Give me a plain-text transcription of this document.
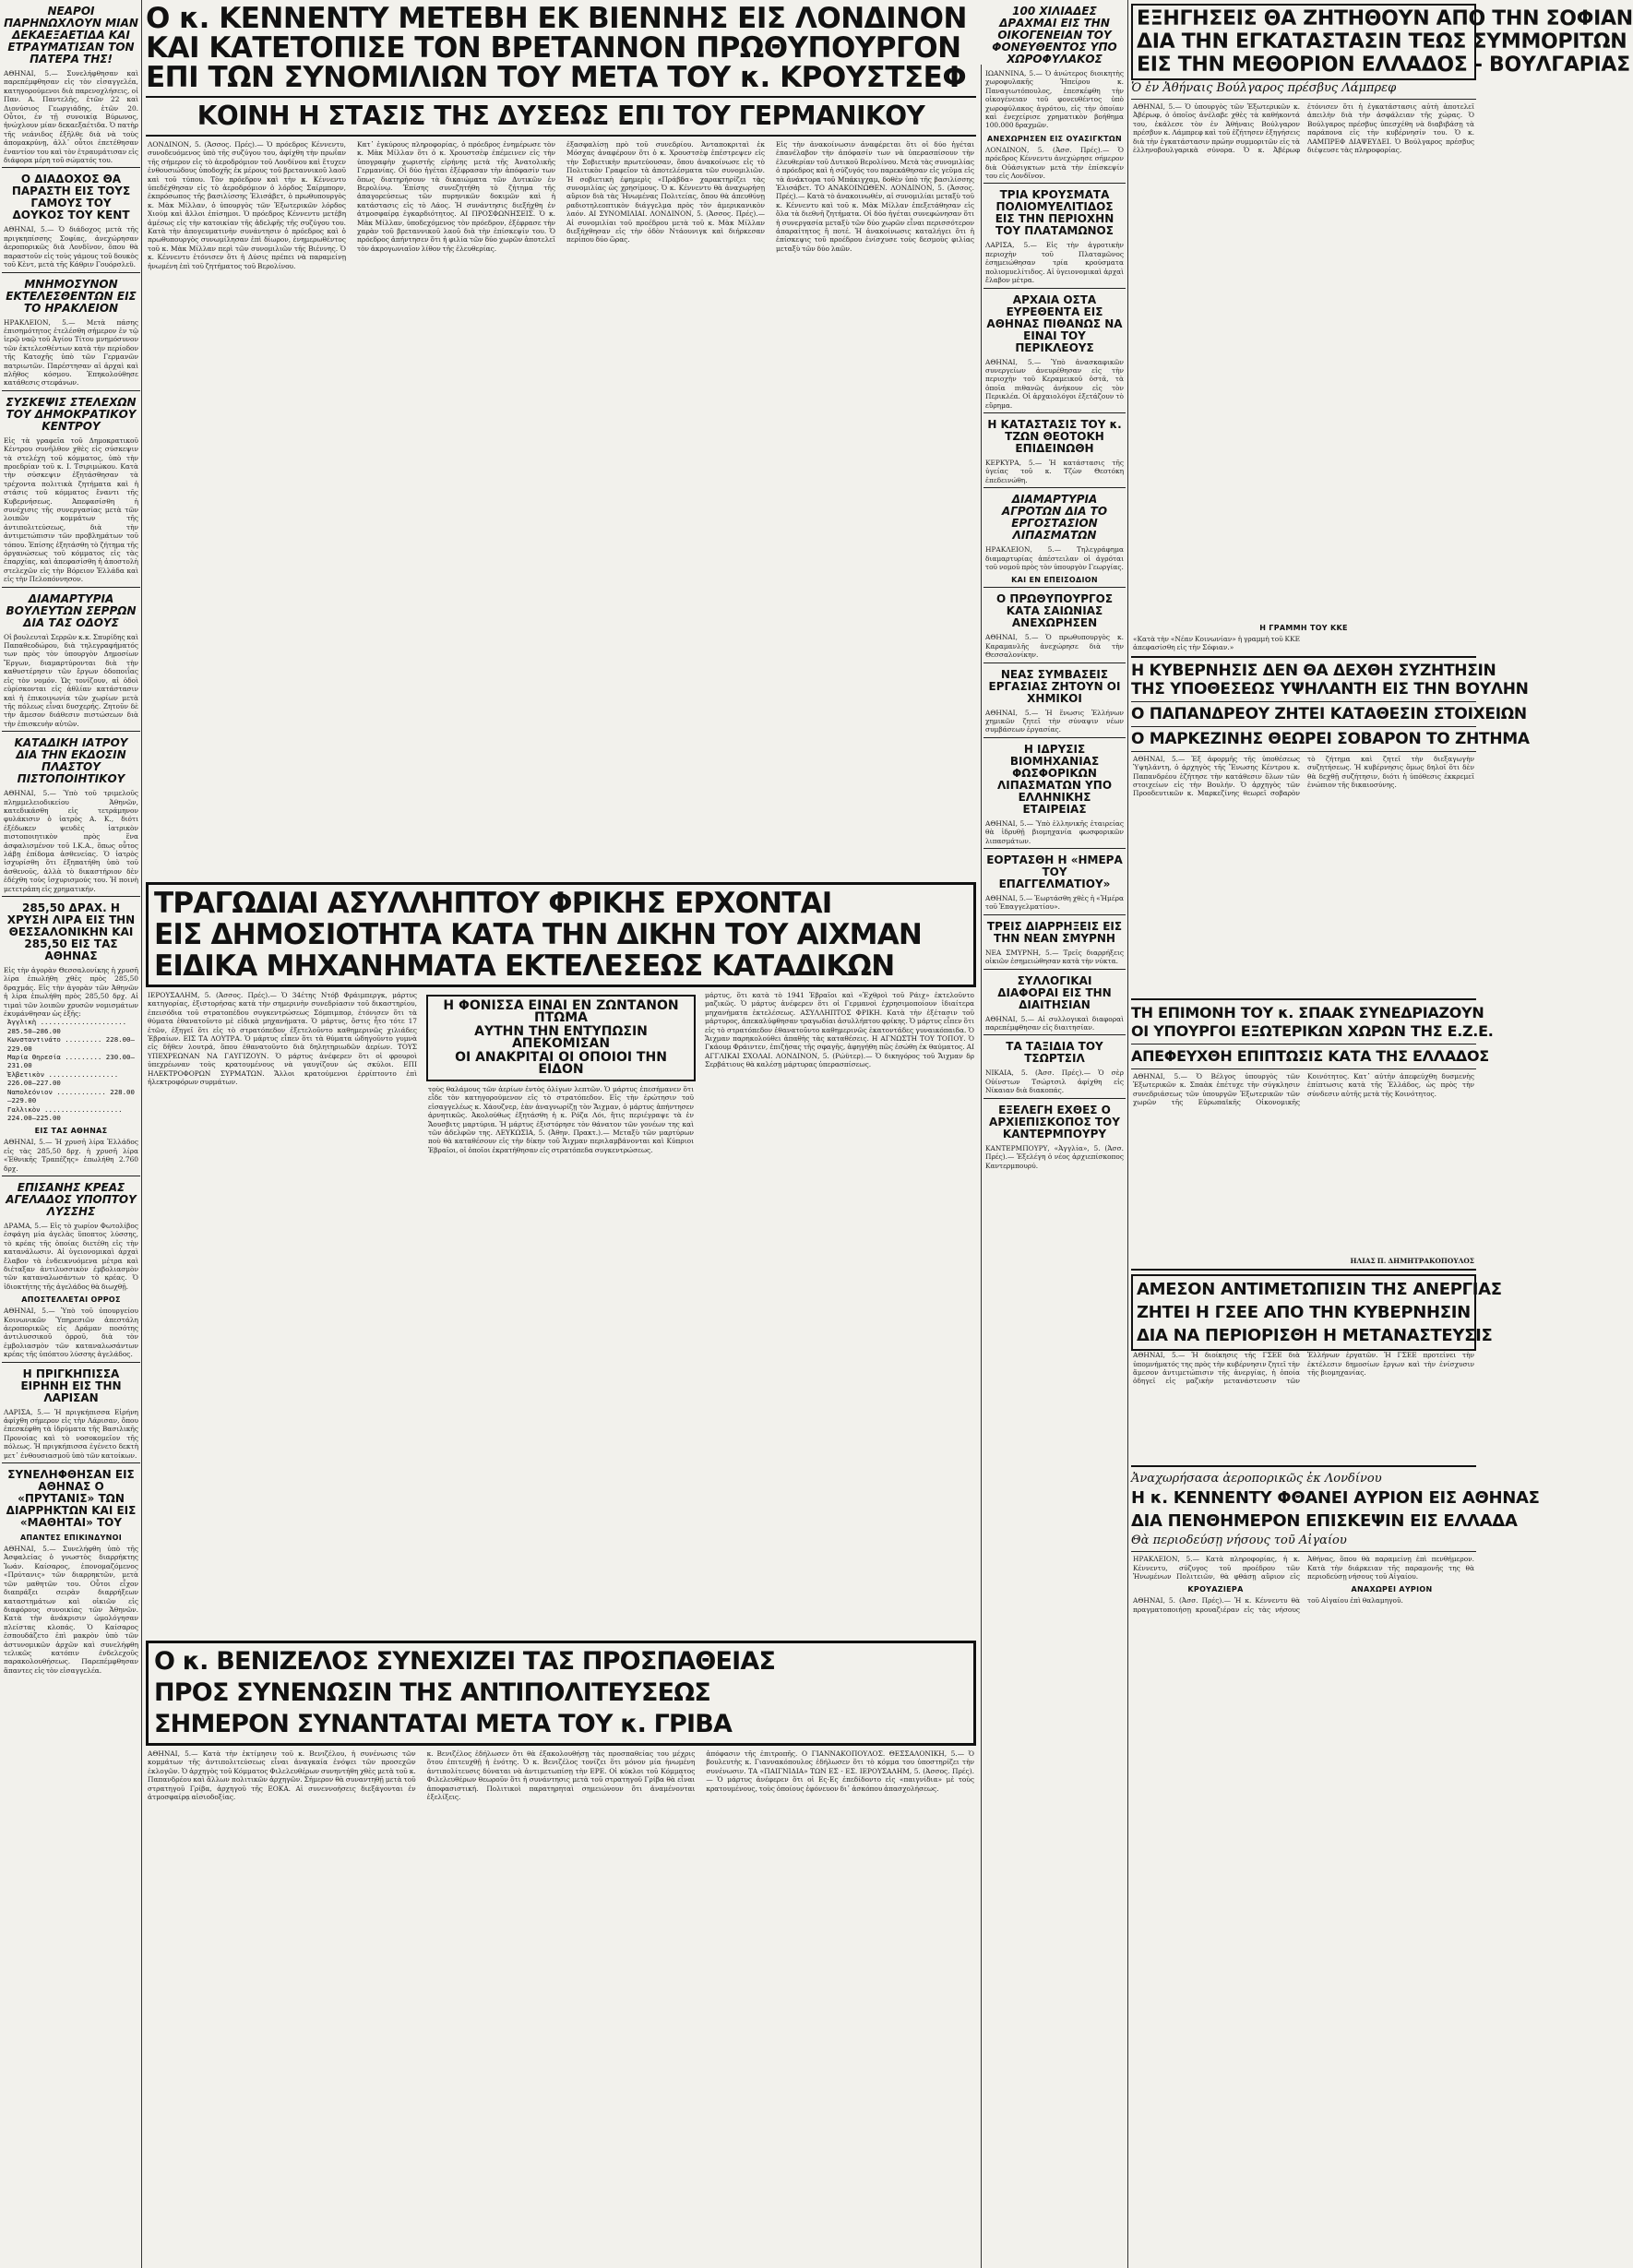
ΝΕΑΡΟΙ ΠΑΡΗΝΩΧΛΟΥΝ ΜΙΑΝ ΔΕΚΑΕΞΑΕΤΙΔΑ ΚΑΙ ΕΤΡΑΥΜΑΤΙΣΑΝ ΤΟΝ ΠΑΤΕΡΑ ΤΗΣ!
ΑΘΗΝΑΙ, 5.— Συνελήφθησαν καὶ παρεπέμφθησαν εἰς τὸν εἰσαγγελέα, κατηγορούμενοι διὰ παρενοχλήσεις, οἱ Παν. Α. Παντελῆς, ἐτῶν 22 καὶ Διονύσιος Γεωργιάδης, ἐτῶν 20. Οὗτοι, ἐν τῇ συνοικίᾳ Βύρωνος, ἠνώχλουν μίαν δεκαεξαέτιδα. Ὁ πατὴρ τῆς νεάνιδος ἐξῆλθε διὰ νὰ τοὺς ἀπομακρύνῃ, ἀλλ᾽ οὗτοι ἐπετέθησαν ἐναντίον του καὶ τὸν ἐτραυμάτισαν εἰς διάφορα μέρη τοῦ σώματός του.
Ο ΔΙΑΔΟΧΟΣ ΘΑ ΠΑΡΑΣΤΗ ΕΙΣ ΤΟΥΣ ΓΑΜΟΥΣ ΤΟΥ ΔΟΥΚΟΣ ΤΟΥ ΚΕΝΤ
ΑΘΗΝΑΙ, 5.— Ὁ διάδοχος μετὰ τῆς πριγκηπίσσης Σοφίας, ἀνεχώρησαν ἀεροπορικῶς διὰ Λονδῖνον, ὅπου θὰ παραστοῦν εἰς τοὺς γάμους τοῦ δουκὸς τοῦ Κὲντ, μετὰ τῆς Κάθριν Γουόρσλεϋ.
ΜΝΗΜΟΣΥΝΟΝ ΕΚΤΕΛΕΣΘΕΝΤΩΝ ΕΙΣ ΤΟ ΗΡΑΚΛΕΙΟΝ
ΗΡΑΚΛΕΙΟΝ, 5.— Μετὰ πάσης ἐπισημότητος ἐτελέσθη σήμερον ἐν τῷ ἱερῷ ναῷ τοῦ Ἁγίου Τίτου μνημόσυνον τῶν ἐκτελεσθέντων κατὰ τὴν περίοδον τῆς Κατοχῆς ὑπὸ τῶν Γερμανῶν πατριωτῶν. Παρέστησαν αἱ ἀρχαὶ καὶ πλῆθος κόσμου. Ἐπηκολούθησε κατάθεσις στεφάνων.
ΣΥΣΚΕΨΙΣ ΣΤΕΛΕΧΩΝ ΤΟΥ ΔΗΜΟΚΡΑΤΙΚΟΥ ΚΕΝΤΡΟΥ
Εἰς τὰ γραφεῖα τοῦ Δημοκρατικοῦ Κέντρου συνῆλθον χθὲς εἰς σύσκεψιν τὰ στελέχη τοῦ κόμματος, ὑπὸ τὴν προεδρίαν τοῦ κ. Ι. Τσιριμώκου. Κατὰ τὴν σύσκεψιν ἐξητάσθησαν τὰ τρέχοντα πολιτικὰ ζητήματα καὶ ἡ στάσις τοῦ κόμματος ἔναντι τῆς Κυβερνήσεως. Ἀπεφασίσθη ἡ συνέχισις τῆς συνεργασίας μετὰ τῶν λοιπῶν κομμάτων τῆς ἀντιπολιτεύσεως, διὰ τὴν ἀντιμετώπισιν τῶν προβλημάτων τοῦ τόπου. Ἐπίσης ἐξητάσθη τὸ ζήτημα τῆς ὀργανώσεως τοῦ κόμματος εἰς τὰς ἐπαρχίας, καὶ ἀπεφασίσθη ἡ ἀποστολὴ στελεχῶν εἰς τὴν Βόρειον Ἑλλάδα καὶ εἰς τὴν Πελοπόννησον.
ΔΙΑΜΑΡΤΥΡΙΑ ΒΟΥΛΕΥΤΩΝ ΣΕΡΡΩΝ ΔΙΑ ΤΑΣ ΟΔΟΥΣ
Οἱ βουλευταὶ Σερρῶν κ.κ. Σπυρίδης καὶ Παπαθεοδώρου, διὰ τηλεγραφήματός των πρὸς τὸν ὑπουργὸν Δημοσίων Ἔργων, διαμαρτύρονται διὰ τὴν καθυστέρησιν τῶν ἔργων ὁδοποιΐας εἰς τὸν νομόν. Ὡς τονίζουν, αἱ ὁδοὶ εὑρίσκονται εἰς ἀθλίαν κατάστασιν καὶ ἡ ἐπικοινωνία τῶν χωρίων μετὰ τῆς πόλεως εἶναι δυσχερής. Ζητοῦν δὲ τὴν ἄμεσον διάθεσιν πιστώσεων διὰ τὴν ἐπισκευὴν αὐτῶν.
ΚΑΤΑΔΙΚΗ ΙΑΤΡΟΥ ΔΙΑ ΤΗΝ ΕΚΔΟΣΙΝ ΠΛΑΣΤΟΥ ΠΙΣΤΟΠΟΙΗΤΙΚΟΥ
ΑΘΗΝΑΙ, 5.— Ὑπὸ τοῦ τριμελοῦς πλημμελειοδικείου Ἀθηνῶν, κατεδικάσθη εἰς τετράμηνον φυλάκισιν ὁ ἰατρὸς Α. Κ., διότι ἐξέδωκεν ψευδὲς ἰατρικὸν πιστοποιητικὸν πρὸς ἕνα ἀσφαλισμένον τοῦ Ι.Κ.Α., ὅπως οὗτος λάβῃ ἐπίδομα ἀσθενείας. Ὁ ἰατρὸς ἰσχυρίσθη ὅτι ἐξηπατήθη ὑπὸ τοῦ ἀσθενοῦς, ἀλλὰ τὸ δικαστήριον δὲν ἐδέχθη τοὺς ἰσχυρισμούς του. Ἡ ποινὴ μετετράπη εἰς χρηματικήν.
285,50 ΔΡΑΧ. Η ΧΡΥΣΗ ΛΙΡΑ ΕΙΣ ΤΗΝ ΘΕΣΣΑΛΟΝΙΚΗΝ ΚΑΙ 285,50 ΕΙΣ ΤΑΣ ΑΘΗΝΑΣ
Εἰς τὴν ἀγορὰν Θεσσαλονίκης ἡ χρυσῆ λίρα ἐπωλήθη χθὲς πρὸς 285,50 δραχμάς. Εἰς τὴν ἀγορὰν τῶν Ἀθηνῶν ἡ λίρα ἐπωλήθη πρὸς 285,50 δρχ. Αἱ τιμαὶ τῶν λοιπῶν χρυσῶν νομισμάτων ἐκυμάνθησαν ὡς ἑξῆς:
Ἀγγλικὴ ..................... 285.50—286.00
Κωνσταντινάτο ......... 228.00—229.00
Μαρία Θηρεσία ......... 230.00—231.00
Ἑλβετικὸν ................. 226.00—227.00
Ναπολεόνιον ............ 228.00—229.00
Γαλλικὸν ................... 224.00—225.00
ΕΙΣ ΤΑΣ ΑΘΗΝΑΣ
ΑΘΗΝΑΙ, 5.— Ἡ χρυσῆ λίρα Ἐλλάδος εἰς τὰς 285,50 δρχ. ἡ χρυσῆ λίρα «Ἐθνικῆς Τραπέζης» ἐπωλήθη 2.760 δρχ.
ΕΠΙΣΑΝΗΣ ΚΡΕΑΣ ΑΓΕΛΑΔΟΣ ΥΠΟΠΤΟΥ ΛΥΣΣΗΣ
ΔΡΑΜΑ, 5.— Εἰς τὸ χωρίον Φωτολίβος ἐσφάγη μία ἀγελὰς ὕποπτος λύσσης, τὸ κρέας τῆς ὁποίας διετέθη εἰς τὴν κατανάλωσιν. Αἱ ὑγειονομικαὶ ἀρχαὶ ἔλαβον τὰ ἐνδεικνυόμενα μέτρα καὶ διέταξαν ἀντιλυσσικὸν ἐμβολιασμὸν τῶν καταναλωσάντων τὸ κρέας. Ὁ ἰδιοκτήτης τῆς ἀγελάδος θὰ διωχθῇ.
ΑΠΟΣΤΕΛΛΕΤΑΙ ΟΡΡΟΣ
ΑΘΗΝΑΙ, 5.— Ὑπὸ τοῦ ὑπουργείου Κοινωνικῶν Ὑπηρεσιῶν ἀπεστάλη ἀεροπορικῶς εἰς Δράμαν ποσότης ἀντιλυσσικοῦ ὀρροῦ, διὰ τὸν ἐμβολιασμὸν τῶν καταναλωσάντων κρέας τῆς ὑπόπτου λύσσης ἀγελάδος.
Η ΠΡΙΓΚΗΠΙΣΣΑ ΕΙΡΗΝΗ ΕΙΣ ΤΗΝ ΛΑΡΙΣΑΝ
ΛΑΡΙΣΑ, 5.— Ἡ πριγκήπισσα Εἰρήνη ἀφίχθη σήμερον εἰς τὴν Λάρισαν, ὅπου ἐπεσκέφθη τὰ ἱδρύματα τῆς Βασιλικῆς Προνοίας καὶ τὸ νοσοκομεῖον τῆς πόλεως. Ἡ πριγκήπισσα ἐγένετο δεκτὴ μετ᾽ ἐνθουσιασμοῦ ὑπὸ τῶν κατοίκων.
ΣΥΝΕΛΗΦΘΗΣΑΝ ΕΙΣ ΑΘΗΝΑΣ Ο «ΠΡΥΤΑΝΙΣ» ΤΩΝ ΔΙΑΡΡΗΚΤΩΝ ΚΑΙ ΕΙΣ «ΜΑΘΗΤΑΙ» ΤΟΥ
ΑΠΑΝΤΕΣ ΕΠΙΚΙΝΔΥΝΟΙ
ΑΘΗΝΑΙ, 5.— Συνελήφθη ὑπὸ τῆς Ἀσφαλείας ὁ γνωστὸς διαρρήκτης Ἰωάν. Καίσαρος, ἐπονομαζόμενος «Πρύτανις» τῶν διαρρηκτῶν, μετὰ τῶν μαθητῶν του. Οὗτοι εἶχον διαπράξει σειρὰν διαρρήξεων καταστημάτων καὶ οἰκιῶν εἰς διαφόρους συνοικίας τῶν Ἀθηνῶν. Κατὰ τὴν ἀνάκρισιν ὡμολόγησαν πλείστας κλοπάς. Ὁ Καίσαρος ἐσπουδάζετο ἐπὶ μακρὸν ὑπὸ τῶν ἀστυνομικῶν ἀρχῶν καὶ συνελήφθη τελικῶς κατόπιν ἐνδελεχοῦς παρακολουθήσεως. Παρεπέμφθησαν ἅπαντες εἰς τὸν εἰσαγγελέα.
Ο κ. ΚΕΝΝΕΝΤΥ ΜΕΤΕΒΗ ΕΚ ΒΙΕΝΝΗΣ ΕΙΣ ΛΟΝΔΙΝΟΝ
ΚΑΙ ΚΑΤΕΤΟΠΙΣΕ ΤΟΝ ΒΡΕΤΑΝΝΟΝ ΠΡΩΘΥΠΟΥΡΓΟΝ
ΕΠΙ ΤΩΝ ΣΥΝΟΜΙΛΙΩΝ ΤΟΥ ΜΕΤΑ ΤΟΥ κ. ΚΡΟΥΣΤΣΕΦ
ΚΟΙΝΗ Η ΣΤΑΣΙΣ ΤΗΣ ΔΥΣΕΩΣ ΕΠΙ ΤΟΥ ΓΕΡΜΑΝΙΚΟΥ
ΛΟΝΔΙΝΟΝ, 5. (Ἀσσος. Πρές).— Ὁ πρόεδρος Κέννεντυ, συνοδευόμενος ὑπὸ τῆς συζύγου του, ἀφίχθη τὴν πρωΐαν τῆς σήμερον εἰς τὸ ἀεροδρόμιον τοῦ Λονδίνου καὶ ἔτυχεν ἐνθουσιώδους ὑποδοχῆς ἐκ μέρους τοῦ βρεταννικοῦ λαοῦ καὶ τοῦ τύπου. Τὸν πρόεδρον καὶ τὴν κ. Κέννεντυ ὑπεδέχθησαν εἰς τὸ ἀεροδρόμιον ὁ λόρδος Σαίρμπορν, ἐκπρόσωπος τῆς βασιλίσσης Ἐλισάβετ, ὁ πρωθυπουργὸς κ. Μὰκ Μίλλαν, ὁ ὑπουργὸς τῶν Ἐξωτερικῶν λόρδος Χιούμ καὶ ἄλλοι ἐπίσημοι. Ὁ πρόεδρος Κέννεντυ μετέβη ἀμέσως εἰς τὴν κατοικίαν τῆς ἀδελφῆς τῆς συζύγου του. Κατὰ τὴν ἀπογευματινὴν συνάντησιν ὁ πρόεδρος καὶ ὁ πρωθυπουργὸς συνωμίλησαν ἐπὶ δίωρον, ἐνημερωθέντος τοῦ κ. Μὰκ Μίλλαν περὶ τῶν συνομιλιῶν τῆς Βιέννης. Ὁ κ. Κέννεντυ ἐτόνισεν ὅτι ἡ Δύσις πρέπει νὰ παραμείνῃ ἡνωμένη ἐπὶ τοῦ ζητήματος τοῦ Βερολίνου.
Κατ᾽ ἐγκύρους πληροφορίας, ὁ πρόεδρος ἐνημέρωσε τὸν κ. Μὰκ Μίλλαν ὅτι ὁ κ. Χρουστσὲφ ἐπέμεινεν εἰς τὴν ὑπογραφὴν χωριστῆς εἰρήνης μετὰ τῆς Ἀνατολικῆς Γερμανίας. Οἱ δύο ἡγέται ἐξέφρασαν τὴν ἀπόφασίν των ὅπως διατηρήσουν τὰ δικαιώματα τῶν Δυτικῶν ἐν Βερολίνῳ. Ἐπίσης συνεζητήθη τὸ ζήτημα τῆς ἀπαγορεύσεως τῶν πυρηνικῶν δοκιμῶν καὶ ἡ κατάστασις εἰς τὸ Λάος. Ἡ συνάντησις διεξήχθη ἐν ἀτμοσφαίρᾳ ἐγκαρδιότητος. ΑΙ ΠΡΟΣΦΩΝΗΣΕΙΣ. Ὁ κ. Μὰκ Μίλλαν, ὑποδεχόμενος τὸν πρόεδρον, ἐξέφρασε τὴν χαρὰν τοῦ βρεταννικοῦ λαοῦ διὰ τὴν ἐπίσκεψίν του. Ὁ πρόεδρος ἀπήντησεν ὅτι ἡ φιλία τῶν δύο χωρῶν ἀποτελεῖ τὸν ἀκρογωνιαῖον λίθον τῆς ἐλευθερίας.
ἐξασφαλίσῃ πρὸ τοῦ συνεδρίου. Ἀνταποκριταὶ ἐκ Μόσχας ἀναφέρουν ὅτι ὁ κ. Χρουστσὲφ ἐπέστρεψεν εἰς τὴν Σοβιετικὴν πρωτεύουσαν, ὅπου ἀνακοίνωσε εἰς τὸ Πολιτικὸν Γραφεῖον τὰ ἀποτελέσματα τῶν συνομιλιῶν. Ἡ σοβιετικὴ ἐφημερὶς «Πράβδα» χαρακτηρίζει τὰς συνομιλίας ὡς χρησίμους. Ὁ κ. Κέννεντυ θὰ ἀναχωρήσῃ αὔριον διὰ τὰς Ἡνωμένας Πολιτείας, ὅπου θὰ ἀπευθύνῃ ραδιοτηλεοπτικὸν διάγγελμα πρὸς τὸν ἀμερικανικὸν λαόν. ΑΙ ΣΥΝΟΜΙΛΙΑΙ. ΛΟΝΔΙΝΟΝ, 5. (Ἀσσος. Πρές).— Αἱ συνομιλίαι τοῦ προέδρου μετὰ τοῦ κ. Μὰκ Μίλλαν διεξήχθησαν εἰς τὴν ὁδὸν Ντάουνιγκ καὶ διήρκεσαν περίπου δύο ὥρας.
Εἰς τὴν ἀνακοίνωσιν ἀναφέρεται ὅτι οἱ δύο ἡγέται ἐπανέλαβον τὴν ἀπόφασίν των νὰ ὑπερασπίσουν τὴν ἐλευθερίαν τοῦ Δυτικοῦ Βερολίνου. Μετὰ τὰς συνομιλίας ὁ πρόεδρος καὶ ἡ σύζυγός του παρεκάθησαν εἰς γεῦμα εἰς τὰ ἀνάκτορα τοῦ Μπάκιγχαμ, δοθὲν ὑπὸ τῆς βασιλίσσης Ἐλισάβετ. ΤΟ ΑΝΑΚΟΙΝΩΘΕΝ. ΛΟΝΔΙΝΟΝ, 5. (Ἀσσος. Πρές).— Κατὰ τὸ ἀνακοινωθέν, αἱ συνομιλίαι μεταξὺ τοῦ κ. Κέννεντυ καὶ τοῦ κ. Μὰκ Μίλλαν ἐπεξετάθησαν εἰς ὅλα τὰ διεθνῆ ζητήματα. Οἱ δύο ἡγέται συνεφώνησαν ὅτι ἡ συνεργασία μεταξὺ τῶν δύο χωρῶν εἶναι περισσότερον ἀπαραίτητος ἢ ποτέ. Ἡ ἀνακοίνωσις καταλήγει ὅτι ἡ ἐπίσκεψις τοῦ προέδρου ἐνίσχυσε τοὺς δεσμοὺς φιλίας μεταξὺ τῶν δύο λαῶν.
ΤΡΑΓΩΔΙΑΙ ΑΣΥΛΛΗΠΤΟΥ ΦΡΙΚΗΣ ΕΡΧΟΝΤΑΙ
ΕΙΣ ΔΗΜΟΣΙΟΤΗΤΑ ΚΑΤΑ ΤΗΝ ΔΙΚΗΝ ΤΟΥ ΑΙΧΜΑΝ
ΕΙΔΙΚΑ ΜΗΧΑΝΗΜΑΤΑ ΕΚΤΕΛΕΣΕΩΣ ΚΑΤΑΔΙΚΩΝ
ΙΕΡΟΥΣΑΛΗΜ, 5. (Ἀσσος. Πρές).— Ὁ 34έτης Ντόβ Φράιμπεργκ, μάρτυς κατηγορίας, ἐξιστορήσας κατὰ τὴν σημερινὴν συνεδρίασιν τοῦ δικαστηρίου, ἐπεισόδια τοῦ στρατοπέδου συγκεντρώσεως Σόμπιμπορ, ἐτόνισεν ὅτι τὰ θύματα ἐθανατοῦντο μὲ εἰδικὰ μηχανήματα. Ὁ μάρτυς, ὅστις ἦτο τότε 17 ἐτῶν, ἐξηγεῖ ὅτι εἰς τὸ στρατόπεδον ἐξετελοῦντο καθημερινῶς χιλιάδες Ἑβραίων. ΕΙΣ ΤΑ ΛΟΥΤΡΑ. Ὁ μάρτυς εἶπεν ὅτι τὰ θύματα ὡδηγοῦντο γυμνὰ εἰς δῆθεν λουτρά, ὅπου ἐθανατοῦντο διὰ δηλητηριωδῶν ἀερίων. ΤΟΥΣ ΥΠΕΧΡΕΩΝΑΝ ΝΑ ΓΑΥΓΙΖΟΥΝ. Ὁ μάρτυς ἀνέφερεν ὅτι οἱ φρουροὶ ὑπεχρέωναν τοὺς κρατουμένους νὰ γαυγίζουν ὡς σκύλοι. ΕΠΙ ΗΛΕΚΤΡΟΦΟΡΩΝ ΣΥΡΜΑΤΩΝ. Ἄλλοι κρατούμενοι ἐρρίπτοντο ἐπὶ ἠλεκτροφόρων συρμάτων.
Η ΦΟΝΙΣΣΑ ΕΙΝΑΙ ΕΝ ΖΩΝΤΑΝΟΝ ΠΤΩΜΑ
ΑΥΤΗΝ ΤΗΝ ΕΝΤΥΠΩΣΙΝ ΑΠΕΚΟΜΙΣΑΝ
ΟΙ ΑΝΑΚΡΙΤΑΙ ΟΙ ΟΠΟΙΟΙ ΤΗΝ ΕΙΔΟΝ
τοὺς θαλάμους τῶν ἀερίων ἐντὸς ὀλίγων λεπτῶν. Ὁ μάρτυς ἐπεσήμανεν ὅτι εἶδε τὸν κατηγορούμενον εἰς τὸ στρατόπεδον. Εἰς τὴν ἐρώτησιν τοῦ εἰσαγγελέως κ. Χάουζνερ, ἐὰν ἀναγνωρίζῃ τὸν Ἄιχμαν, ὁ μάρτυς ἀπήντησεν ἀρνητικῶς. Ἀκολούθως ἐξητάσθη ἡ κ. Ρόζα Λόι, ἥτις περιέγραψε τὰ ἐν Ἄουσβιτς μαρτύρια. Ἡ μάρτυς ἐξιστόρησε τὸν θάνατον τῶν γονέων της καὶ τῶν ἀδελφῶν της. ΛΕΥΚΩΣΙΑ, 5. (Ἀθην. Πρακτ.).— Μεταξὺ τῶν μαρτύρων ποὺ θὰ καταθέσουν εἰς τὴν δίκην τοῦ Ἄιχμαν περιλαμβάνονται καὶ Κύπριοι Ἑβραῖοι, οἱ ὁποῖοι ἐκρατήθησαν εἰς στρατόπεδα συγκεντρώσεως.
μάρτυς, ὅτι κατὰ τὸ 1941 Ἑβραῖοι καὶ «Ἐχθροὶ τοῦ Ράιχ» ἐκτελοῦντο μαζικῶς. Ὁ μάρτυς ἀνέφερεν ὅτι οἱ Γερμανοὶ ἐχρησιμοποίουν ἰδιαίτερα μηχανήματα ἐκτελέσεως. ΑΣΥΛΛΗΠΤΟΣ ΦΡΙΚΗ. Κατὰ τὴν ἐξέτασιν τοῦ μάρτυρος, ἀπεκαλύφθησαν τραγωδίαι ἀσυλλήπτου φρίκης. Ὁ μάρτυς εἶπεν ὅτι εἰς τὸ στρατόπεδον ἐθανατοῦντο καθημερινῶς ἑκατοντάδες γυναικόπαιδα. Ὁ Ἄιχμαν παρηκολούθει ἀπαθὴς τὰς καταθέσεις. Η ΑΓΝΩΣΤΗ ΤΟΥ ΤΟΠΟΥ. Ὁ Γκάουμ Φράιντεν, ἐπιζήσας τῆς σφαγῆς, ἀφηγήθη πῶς ἐσώθη ἐκ θαύματος. ΑΙ ΑΓΓΛΙΚΑΙ ΣΧΟΛΑΙ. ΛΟΝΔΙΝΟΝ, 5. (Ρώϋτερ).— Ὁ δικηγόρος τοῦ Ἄιχμαν δρ Σερβάτιους θὰ καλέσῃ μάρτυρας ὑπερασπίσεως.
Ο κ. ΒΕΝΙΖΕΛΟΣ ΣΥΝΕΧΙΖΕΙ ΤΑΣ ΠΡΟΣΠΑΘΕΙΑΣ
ΠΡΟΣ ΣΥΝΕΝΩΣΙΝ ΤΗΣ ΑΝΤΙΠΟΛΙΤΕΥΣΕΩΣ
ΣΗΜΕΡΟΝ ΣΥΝΑΝΤΑΤΑΙ ΜΕΤΑ ΤΟΥ κ. ΓΡΙΒΑ
ΑΘΗΝΑΙ, 5.— Κατὰ τὴν ἐκτίμησιν τοῦ κ. Βενιζέλου, ἡ συνένωσις τῶν κομμάτων τῆς ἀντιπολιτεύσεως εἶναι ἀναγκαία ἐνόψει τῶν προσεχῶν ἐκλογῶν. Ὁ ἀρχηγὸς τοῦ Κόμματος Φιλελευθέρων συνηντήθη χθὲς μετὰ τοῦ κ. Παπανδρέου καὶ ἄλλων πολιτικῶν ἀρχηγῶν. Σήμερον θὰ συναντηθῇ μετὰ τοῦ στρατηγοῦ Γρίβα, ἀρχηγοῦ τῆς ΕΟΚΑ. Αἱ συνεννοήσεις διεξάγονται ἐν ἀτμοσφαίρᾳ αἰσιοδοξίας.
κ. Βενιζέλος ἐδήλωσεν ὅτι θὰ ἐξακολουθήσῃ τὰς προσπαθείας του μέχρις ὅτου ἐπιτευχθῇ ἡ ἑνότης. Ὁ κ. Βενιζέλος τονίζει ὅτι μόνον μία ἡνωμένη ἀντιπολίτευσις δύναται νὰ ἀντιμετωπίσῃ τὴν ΕΡΕ. Οἱ κύκλοι τοῦ Κόμματος Φιλελευθέρων θεωροῦν ὅτι ἡ συνάντησις μετὰ τοῦ στρατηγοῦ Γρίβα θὰ εἶναι ἀποφασιστική. Πολιτικοὶ παρατηρηταὶ σημειώνουν ὅτι ἀναμένονται ἐξελίξεις.
ἀπόφασιν τῆς ἐπιτροπῆς. Ο ΓΙΑΝΝΑΚΟΠΟΥΛΟΣ. ΘΕΣΣΑΛΟΝΙΚΗ, 5.— Ὁ βουλευτὴς κ. Γιαννακόπουλος ἐδήλωσεν ὅτι τὸ κόμμα του ὑποστηρίζει τὴν συνένωσιν. ΤΑ «ΠΑΙΓΝΙΔΙΑ» ΤΩΝ ΕΣ - ΕΣ. ΙΕΡΟΥΣΑΛΗΜ, 5. (Ἀσσος. Πρές).— Ὁ μάρτυς ἀνέφερεν ὅτι οἱ Ες-Ες ἐπεδίδοντο εἰς «παιγνίδια» μὲ τοὺς κρατουμένους, τοὺς ὁποίους ἐφόνευον δι᾽ ἀσκόπου ἀπασχολήσεως.
100 ΧΙΛΙΑΔΕΣ ΔΡΑΧΜΑΙ ΕΙΣ ΤΗΝ ΟΙΚΟΓΕΝΕΙΑΝ ΤΟΥ ΦΟΝΕΥΘΕΝΤΟΣ ΥΠΟ ΧΩΡΟΦΥΛΑΚΟΣ
ΙΩΑΝΝΙΝΑ, 5.— Ὁ ἀνώτερος διοικητὴς χωροφυλακῆς Ἠπείρου κ. Παναγιωτόπουλος, ἐπεσκέφθη τὴν οἰκογένειαν τοῦ φονευθέντος ὑπὸ χωροφύλακος ἀγρότου, εἰς τὴν ὁποίαν καὶ ἐνεχείρισε χρηματικὸν βοήθημα 100.000 δραχμῶν.
ΑΝΕΧΩΡΗΣΕΝ ΕΙΣ ΟΥΑΣΙΓΚΤΩΝ
ΛΟΝΔΙΝΟΝ, 5. (Ἀσσ. Πρές).— Ὁ πρόεδρος Κέννεντυ ἀνεχώρησε σήμερον διὰ Οὐάσιγκτων μετὰ τὴν ἐπίσκεψίν του εἰς Λονδῖνον.
ΤΡΙΑ ΚΡΟΥΣΜΑΤΑ ΠΟΛΙΟΜΥΕΛΙΤΙΔΟΣ ΕΙΣ ΤΗΝ ΠΕΡΙΟΧΗΝ ΤΟΥ ΠΛΑΤΑΜΩΝΟΣ
ΛΑΡΙΣΑ, 5.— Εἰς τὴν ἀγροτικὴν περιοχὴν τοῦ Πλαταμῶνος ἐσημειώθησαν τρία κρούσματα πολιομυελίτιδος. Αἱ ὑγειονομικαὶ ἀρχαὶ ἔλαβον μέτρα.
ΑΡΧΑΙΑ ΟΣΤΑ ΕΥΡΕΘΕΝΤΑ ΕΙΣ ΑΘΗΝΑΣ ΠΙΘΑΝΩΣ ΝΑ ΕΙΝΑΙ ΤΟΥ ΠΕΡΙΚΛΕΟΥΣ
ΑΘΗΝΑΙ, 5.— Ὑπὸ ἀνασκαφικῶν συνεργείων ἀνευρέθησαν εἰς τὴν περιοχὴν τοῦ Κεραμεικοῦ ὀστᾶ, τὰ ὁποῖα πιθανῶς ἀνήκουν εἰς τὸν Περικλέα. Οἱ ἀρχαιολόγοι ἐξετάζουν τὸ εὕρημα.
Η ΚΑΤΑΣΤΑΣΙΣ ΤΟΥ κ. ΤΖΩΝ ΘΕΟΤΟΚΗ ΕΠΙΔΕΙΝΩΘΗ
ΚΕΡΚΥΡΑ, 5.— Ἡ κατάστασις τῆς ὑγείας τοῦ κ. Τζὼν Θεοτόκη ἐπεδεινώθη.
ΔΙΑΜΑΡΤΥΡΙΑ ΑΓΡΟΤΩΝ ΔΙΑ ΤΟ ΕΡΓΟΣΤΑΣΙΟΝ ΛΙΠΑΣΜΑΤΩΝ
ΗΡΑΚΛΕΙΟΝ, 5.— Τηλεγράφημα διαμαρτυρίας ἀπέστειλαν οἱ ἀγρόται τοῦ νομοῦ πρὸς τὸν ὑπουργὸν Γεωργίας.
ΚΑΙ ΕΝ ΕΠΕΙΣΟΔΙΟΝ
Ο ΠΡΩΘΥΠΟΥΡΓΟΣ ΚΑΤΑ ΣΑΙΩΝΙΑΣ ΑΝΕΧΩΡΗΣΕΝ
ΑΘΗΝΑΙ, 5.— Ὁ πρωθυπουργὸς κ. Καραμανλῆς ἀνεχώρησε διὰ τὴν Θεσσαλονίκην.
ΝΕΑΣ ΣΥΜΒΑΣΕΙΣ ΕΡΓΑΣΙΑΣ ΖΗΤΟΥΝ ΟΙ ΧΗΜΙΚΟΙ
ΑΘΗΝΑΙ, 5.— Ἡ ἕνωσις Ἑλλήνων χημικῶν ζητεῖ τὴν σύναψιν νέων συμβάσεων ἐργασίας.
Η ΙΔΡΥΣΙΣ ΒΙΟΜΗΧΑΝΙΑΣ ΦΩΣΦΟΡΙΚΩΝ ΛΙΠΑΣΜΑΤΩΝ ΥΠΟ ΕΛΛΗΝΙΚΗΣ ΕΤΑΙΡΕΙΑΣ
ΑΘΗΝΑΙ, 5.— Ὑπὸ ἑλληνικῆς ἑταιρείας θὰ ἱδρυθῇ βιομηχανία φωσφορικῶν λιπασμάτων.
ΕΟΡΤΑΣΘΗ Η «ΗΜΕΡΑ ΤΟΥ ΕΠΑΓΓΕΛΜΑΤΙΟΥ»
ΑΘΗΝΑΙ, 5.— Ἑωρτάσθη χθὲς ἡ «Ἡμέρα τοῦ Ἐπαγγελματίου».
ΤΡΕΙΣ ΔΙΑΡΡΗΞΕΙΣ ΕΙΣ ΤΗΝ ΝΕΑΝ ΣΜΥΡΝΗ
ΝΕΑ ΣΜΥΡΝΗ, 5.— Τρεῖς διαρρήξεις οἰκιῶν ἐσημειώθησαν κατὰ τὴν νύκτα.
ΣΥΛΛΟΓΙΚΑΙ ΔΙΑΦΟΡΑΙ ΕΙΣ ΤΗΝ ΔΙΑΙΤΗΣΙΑΝ
ΑΘΗΝΑΙ, 5.— Αἱ συλλογικαὶ διαφοραὶ παρεπέμφθησαν εἰς διαιτησίαν.
ΤΑ ΤΑΞΙΔΙΑ ΤΟΥ ΤΣΩΡΤΣΙΛ
ΝΙΚΑΙΑ, 5. (Ἀσσ. Πρές).— Ὁ σὲρ Οὐίνστων Τσώρτσιλ ἀφίχθη εἰς Νίκαιαν διὰ διακοπάς.
ΕΞΕΛΕΓΗ ΕΧΘΕΣ Ο ΑΡΧΙΕΠΙΣΚΟΠΟΣ ΤΟΥ ΚΑΝΤΕΡΜΠΟΥΡΥ
ΚΑΝΤΕΡΜΠΟΥΡΥ, «Ἀγγλία», 5. (Ἀσσ. Πρές).— Ἐξελέγη ὁ νέος ἀρχιεπίσκοπος Καντερμπουρύ.
ΕΞΗΓΗΣΕΙΣ ΘΑ ΖΗΤΗΘΟΥΝ ΑΠΟ ΤΗΝ ΣΟΦΙΑΝ
ΔΙΑ ΤΗΝ ΕΓΚΑΤΑΣΤΑΣΙΝ ΤΕΩΣ ΣΥΜΜΟΡΙΤΩΝ
ΕΙΣ ΤΗΝ ΜΕΘΟΡΙΟΝ ΕΛΛΑΔΟΣ - ΒΟΥΛΓΑΡΙΑΣ
Ὁ ἐν Ἀθήναις Βούλγαρος πρέσβυς Λάμπρεφ
ΑΘΗΝΑΙ, 5.— Ὁ ὑπουργὸς τῶν Ἐξωτερικῶν κ. Ἀβέρωφ, ὁ ὁποῖος ἀνέλαβε χθὲς τὰ καθήκοντά του, ἐκάλεσε τὸν ἐν Ἀθήναις Βούλγαρον πρέσβυν κ. Λάμπρεφ καὶ τοῦ ἐζήτησεν ἐξηγήσεις διὰ τὴν ἐγκατάστασιν πρώην συμμοριτῶν εἰς τὰ ἑλληνοβουλγαρικὰ σύνορα. Ὁ κ. Ἀβέρωφ ἐτόνισεν ὅτι ἡ ἐγκατάστασις αὐτὴ ἀποτελεῖ ἀπειλὴν διὰ τὴν ἀσφάλειαν τῆς χώρας. Ὁ Βούλγαρος πρέσβυς ὑπεσχέθη νὰ διαβιβάσῃ τὰ παράπονα εἰς τὴν κυβέρνησίν του. Ὁ κ. ΛΑΜΠΡΕΦ ΔΙΑΨΕΥΔΕΙ. Ὁ Βούλγαρος πρέσβυς διέψευσε τὰς πληροφορίας.
Η ΓΡΑΜΜΗ ΤΟΥ ΚΚΕ
«Κατὰ τὴν «Νέαν Κοινωνίαν» ἡ γραμμὴ τοῦ ΚΚΕ ἀπεφασίσθη εἰς τὴν Σόφιαν.»
Η ΚΥΒΕΡΝΗΣΙΣ ΔΕΝ ΘΑ ΔΕΧΘΗ ΣΥΖΗΤΗΣΙΝ
ΤΗΣ ΥΠΟΘΕΣΕΩΣ ΥΨΗΛΑΝΤΗ ΕΙΣ ΤΗΝ ΒΟΥΛΗΝ
Ο ΠΑΠΑΝΔΡΕΟΥ ΖΗΤΕΙ ΚΑΤΑΘΕΣΙΝ ΣΤΟΙΧΕΙΩΝ
Ο ΜΑΡΚΕΖΙΝΗΣ ΘΕΩΡΕΙ ΣΟΒΑΡΟΝ ΤΟ ΖΗΤΗΜΑ
ΑΘΗΝΑΙ, 5.— Ἐξ ἀφορμῆς τῆς ὑποθέσεως Ὑψηλάντη, ὁ ἀρχηγὸς τῆς Ἕνωσης Κέντρου κ. Παπανδρέου ἐζήτησε τὴν κατάθεσιν ὅλων τῶν στοιχείων εἰς τὴν Βουλήν. Ὁ ἀρχηγὸς τῶν Προοδευτικῶν κ. Μαρκεζίνης θεωρεῖ σοβαρὸν τὸ ζήτημα καὶ ζητεῖ τὴν διεξαγωγὴν συζητήσεως. Ἡ κυβέρνησις ὅμως δηλοῖ ὅτι δὲν θὰ δεχθῇ συζήτησιν, διότι ἡ ὑπόθεσις ἐκκρεμεῖ ἐνώπιον τῆς δικαιοσύνης.
ΤΗ ΕΠΙΜΟΝΗ ΤΟΥ κ. ΣΠΑΑΚ ΣΥΝΕΔΡΙΑΖΟΥΝ
ΟΙ ΥΠΟΥΡΓΟΙ ΕΞΩΤΕΡΙΚΩΝ ΧΩΡΩΝ ΤΗΣ Ε.Ζ.Ε.
ΑΠΕΦΕΥΧΘΗ ΕΠΙΠΤΩΣΙΣ ΚΑΤΑ ΤΗΣ ΕΛΛΑΔΟΣ
ΑΘΗΝΑΙ, 5.— Ὁ Βέλγος ὑπουργὸς τῶν Ἐξωτερικῶν κ. Σπαὰκ ἐπέτυχε τὴν σύγκλησιν συνεδριάσεως τῶν ὑπουργῶν Ἐξωτερικῶν τῶν χωρῶν τῆς Εὐρωπαϊκῆς Οἰκονομικῆς Κοινότητος. Κατ᾽ αὐτὴν ἀπεφεύχθη δυσμενὴς ἐπίπτωσις κατὰ τῆς Ἑλλάδος, ὡς πρὸς τὴν σύνδεσιν αὐτῆς μετὰ τῆς Κοινότητος.
ΗΛΙΑΣ Π. ΔΗΜΗΤΡΑΚΟΠΟΥΛΟΣ
ΑΜΕΣΟΝ ΑΝΤΙΜΕΤΩΠΙΣΙΝ ΤΗΣ ΑΝΕΡΓΙΑΣ
ΖΗΤΕΙ Η ΓΣΕΕ ΑΠΟ ΤΗΝ ΚΥΒΕΡΝΗΣΙΝ
ΔΙΑ ΝΑ ΠΕΡΙΟΡΙΣΘΗ Η ΜΕΤΑΝΑΣΤΕΥΣΙΣ
ΑΘΗΝΑΙ, 5.— Ἡ διοίκησις τῆς ΓΣΕΕ διὰ ὑπομνήματός της πρὸς τὴν κυβέρνησιν ζητεῖ τὴν ἄμεσον ἀντιμετώπισιν τῆς ἀνεργίας, ἡ ὁποία ὁδηγεῖ εἰς μαζικὴν μετανάστευσιν τῶν Ἑλλήνων ἐργατῶν. Ἡ ΓΣΕΕ προτείνει τὴν ἐκτέλεσιν δημοσίων ἔργων καὶ τὴν ἐνίσχυσιν τῆς βιομηχανίας.
Ἀναχωρήσασα ἀεροπορικῶς ἐκ Λονδίνου
Η κ. ΚΕΝΝΕΝΤΥ ΦΘΑΝΕΙ ΑΥΡΙΟΝ ΕΙΣ ΑΘΗΝΑΣ
ΔΙΑ ΠΕΝΘΗΜΕΡΟΝ ΕΠΙΣΚΕΨΙΝ ΕΙΣ ΕΛΛΑΔΑ
Θὰ περιοδεύσῃ νήσους τοῦ Αἰγαίου
ΗΡΑΚΛΕΙΟΝ, 5.— Κατὰ πληροφορίας, ἡ κ. Κέννεντυ, σύζυγος τοῦ προέδρου τῶν Ἡνωμένων Πολιτειῶν, θὰ φθάσῃ αὔριον εἰς Ἀθήνας, ὅπου θὰ παραμείνῃ ἐπὶ πενθήμερον. Κατὰ τὴν διάρκειαν τῆς παραμονῆς της θὰ περιοδεύσῃ νήσους τοῦ Αἰγαίου.
ΚΡΟΥΑΖΙΕΡΑ	ΑΝΑΧΩΡΕΙ ΑΥΡΙΟΝ
ΑΘΗΝΑΙ, 5. (Ἀσσ. Πρές).— Ἡ κ. Κέννεντυ θὰ πραγματοποιήσῃ κρουαζιέραν εἰς τὰς νήσους τοῦ Αἰγαίου ἐπὶ θαλαμηγοῦ.
